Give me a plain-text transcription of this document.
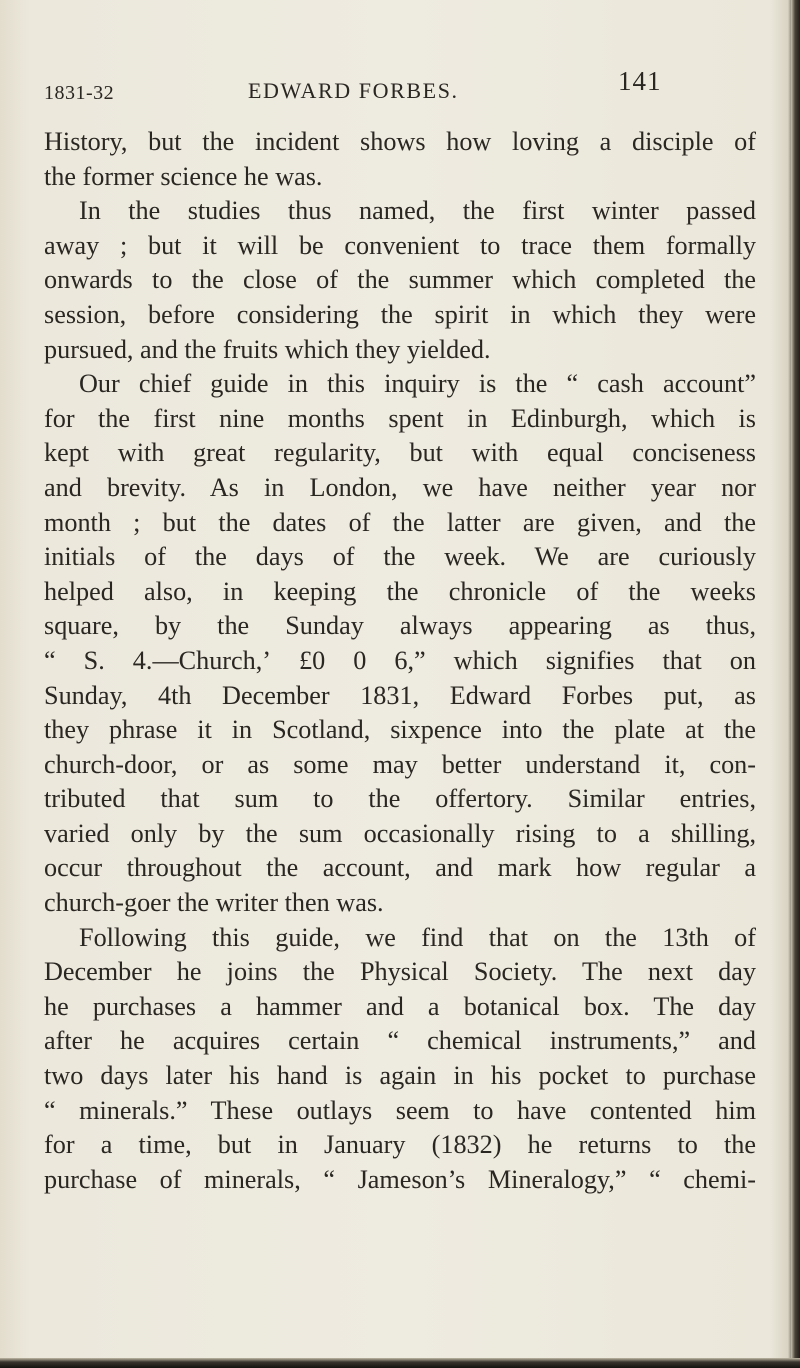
1831-32	EDWARD FORBES.	141
History, but the incident shows how loving a disciple of
the former science he was.
In the studies thus named, the first winter passed
away ; but it will be convenient to trace them formally
onwards to the close of the summer which completed the
session, before considering the spirit in which they were
pursued, and the fruits which they yielded.
Our chief guide in this inquiry is the “ cash account”
for the first nine months spent in Edinburgh, which is
kept with great regularity, but with equal conciseness
and brevity. As in London, we have neither year nor
month ; but the dates of the latter are given, and the
initials of the days of the week. We are curiously
helped also, in keeping the chronicle of the weeks
square, by the Sunday always appearing as thus,
“ S. 4.—Church,ʼ £0 0 6,” which signifies that on
Sunday, 4th December 1831, Edward Forbes put, as
they phrase it in Scotland, sixpence into the plate at the
church-door, or as some may better understand it, con-
tributed that sum to the offertory. Similar entries,
varied only by the sum occasionally rising to a shilling,
occur throughout the account, and mark how regular a
church-goer the writer then was.
Following this guide, we find that on the 13th of
December he joins the Physical Society. The next day
he purchases a hammer and a botanical box. The day
after he acquires certain “ chemical instruments,” and
two days later his hand is again in his pocket to purchase
“ minerals.” These outlays seem to have contented him
for a time, but in January (1832) he returns to the
purchase of minerals, “ Jameson’s Mineralogy,” “ chemi-
